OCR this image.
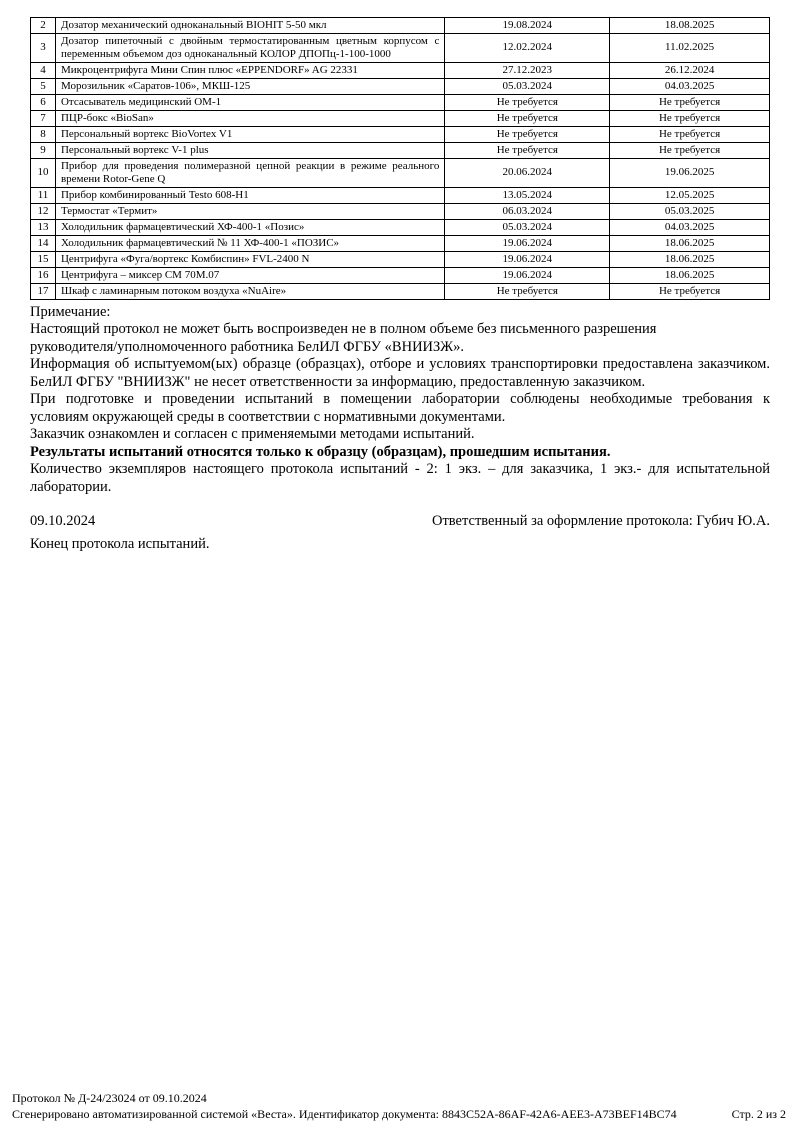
2	Дозатор механический одноканальный BIOHIT 5-50 мкл	19.08.2024	18.08.2025
3	Дозатор пипеточный с двойным термостатированным цветным корпусом с переменным объемом доз одноканальный КОЛОР ДПОПц-1-100-1000	12.02.2024	11.02.2025
4	Микроцентрифуга Мини Спин плюс «EPPENDORF» AG 22331	27.12.2023	26.12.2024
5	Морозильник «Саратов-106», МКШ-125	05.03.2024	04.03.2025
6	Отсасыватель медицинский ОМ-1	Не требуется	Не требуется
7	ПЦР-бокс «BioSan»	Не требуется	Не требуется
8	Персональный вортекс BioVortex V1	Не требуется	Не требуется
9	Персональный вортекс V-1 plus	Не требуется	Не требуется
10	Прибор для проведения полимеразной цепной реакции в режиме реального времени Rotor-Gene Q	20.06.2024	19.06.2025
11	Прибор комбинированный Testo 608-H1	13.05.2024	12.05.2025
12	Термостат «Термит»	06.03.2024	05.03.2025
13	Холодильник фармацевтический ХФ-400-1 «Позис»	05.03.2024	04.03.2025
14	Холодильник фармацевтический № 11 ХФ-400-1 «ПОЗИС»	19.06.2024	18.06.2025
15	Центрифуга «Фуга/вортекс Комбиспин» FVL-2400 N	19.06.2024	18.06.2025
16	Центрифуга – миксер СМ 70М.07	19.06.2024	18.06.2025
17	Шкаф с ламинарным потоком воздуха «NuAire»	Не требуется	Не требуется
Примечание:
Настоящий протокол не может быть воспроизведен не в полном объеме без письменного разрешения
руководителя/уполномоченного работника БелИЛ ФГБУ «ВНИИЗЖ».
Информация об испытуемом(ых) образце (образцах), отборе и условиях транспортировки предоставлена заказчиком.
БелИЛ ФГБУ "ВНИИЗЖ" не несет ответственности за информацию, предоставленную заказчиком.
При подготовке и проведении испытаний в помещении лаборатории соблюдены необходимые требования к
условиям окружающей среды в соответствии с нормативными документами.
Заказчик ознакомлен и согласен с применяемыми методами испытаний.
Результаты испытаний относятся только к образцу (образцам), прошедшим испытания.
Количество экземпляров настоящего протокола испытаний - 2: 1 экз. – для заказчика, 1 экз.- для испытательной
лаборатории.
09.10.2024	Ответственный за оформление протокола: Губич Ю.А.
Конец протокола испытаний.
Протокол № Д-24/23024 от 09.10.2024
Сгенерировано автоматизированной системой «Веста». Идентификатор документа: 8843C52A-86AF-42A6-AEE3-A73BEF14BC74	Стр. 2 из 2
